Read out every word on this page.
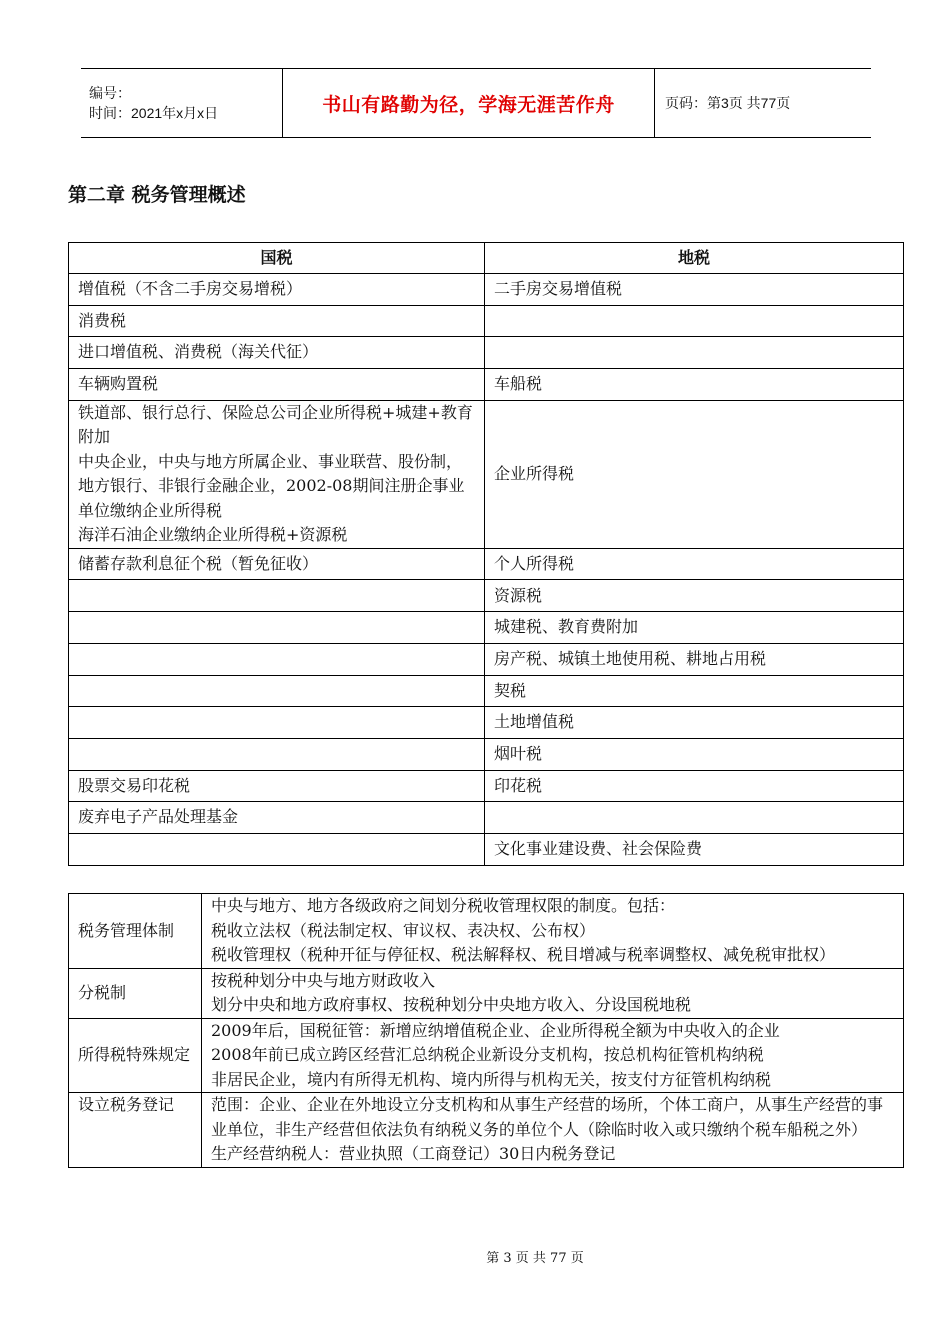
编号：
时间：2021年x月x日	书山有路勤为径，学海无涯苦作舟	页码：第3页 共77页
第二章 税务管理概述
国税	地税
增值税（不含二手房交易增税）	二手房交易增值税
消费税	
进口增值税、消费税（海关代征）	
车辆购置税	车船税
铁道部、银行总行、保险总公司企业所得税+城建+教育附加
中央企业，中央与地方所属企业、事业联营、股份制，地方银行、非银行金融企业，2002-08期间注册企事业单位缴纳企业所得税
海洋石油企业缴纳企业所得税+资源税	企业所得税
储蓄存款利息征个税（暂免征收）	个人所得税
	资源税
	城建税、教育费附加
	房产税、城镇土地使用税、耕地占用税
	契税
	土地增值税
	烟叶税
股票交易印花税	印花税
废弃电子产品处理基金	
	文化事业建设费、社会保险费
税务管理体制	中央与地方、地方各级政府之间划分税收管理权限的制度。包括：
税收立法权（税法制定权、审议权、表决权、公布权）
税收管理权（税种开征与停征权、税法解释权、税目增减与税率调整权、减免税审批权）
分税制	按税种划分中央与地方财政收入
划分中央和地方政府事权、按税种划分中央地方收入、分设国税地税
所得税特殊规定	2009年后，国税征管：新增应纳增值税企业、企业所得税全额为中央收入的企业
2008年前已成立跨区经营汇总纳税企业新设分支机构，按总机构征管机构纳税
非居民企业，境内有所得无机构、境内所得与机构无关，按支付方征管机构纳税
设立税务登记	范围：企业、企业在外地设立分支机构和从事生产经营的场所，个体工商户，从事生产经营的事业单位，非生产经营但依法负有纳税义务的单位个人（除临时收入或只缴纳个税车船税之外）
生产经营纳税人：营业执照（工商登记）30日内税务登记
第 3 页 共 77 页
